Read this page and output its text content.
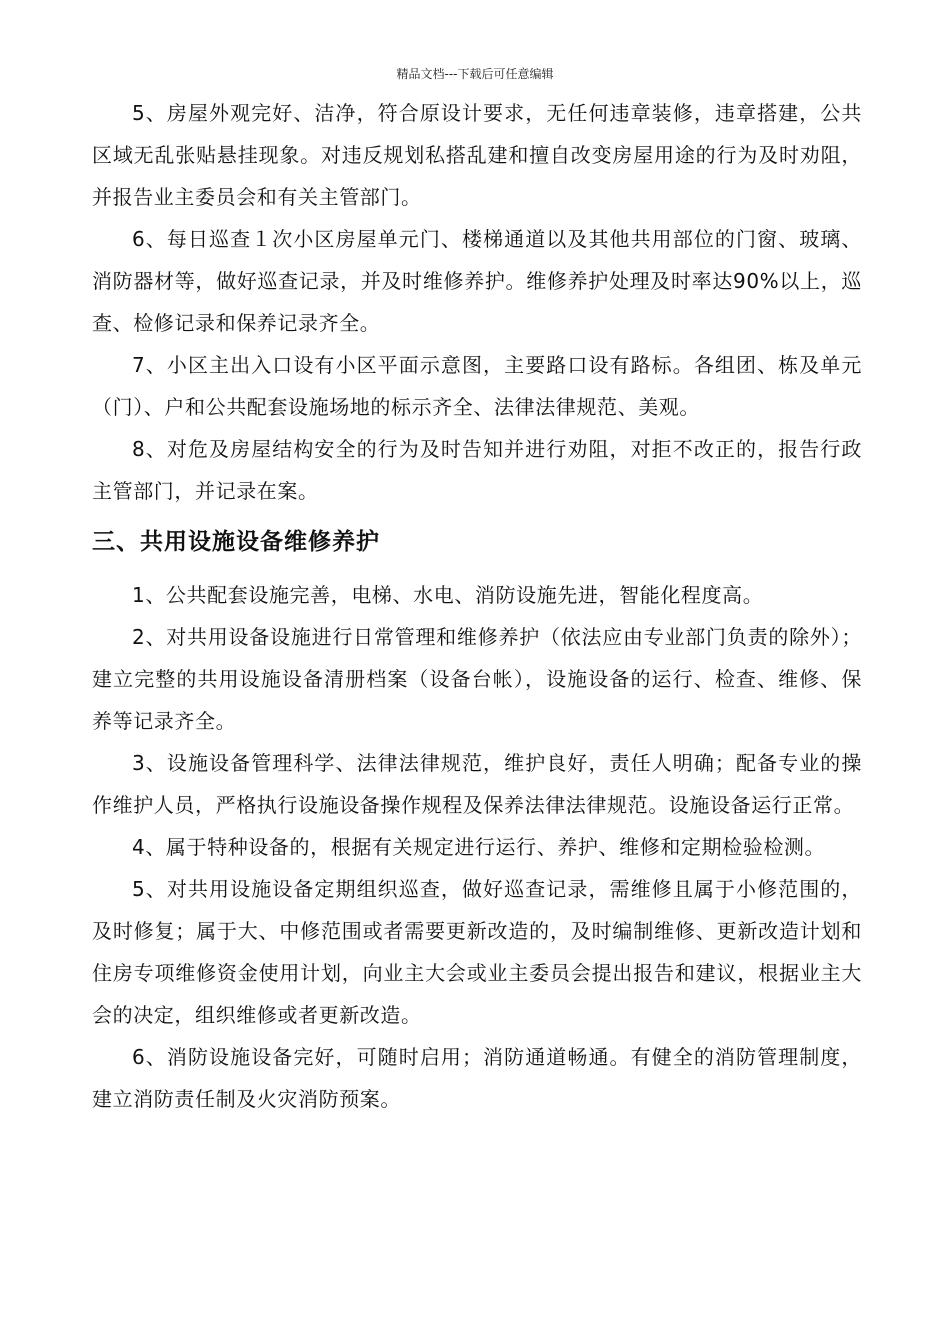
精品文档---下载后可任意编辑

5、房屋外观完好、洁净，符合原设计要求，无任何违章装修，违章搭建，公共区域无乱张贴悬挂现象。对违反规划私搭乱建和擅自改变房屋用途的行为及时劝阻，并报告业主委员会和有关主管部门。

6、每日巡查１次小区房屋单元门、楼梯通道以及其他共用部位的门窗、玻璃、消防器材等，做好巡查记录，并及时维修养护。维修养护处理及时率达90%以上，巡查、检修记录和保养记录齐全。

7、小区主出入口设有小区平面示意图，主要路口设有路标。各组团、栋及单元（门）、户和公共配套设施场地的标示齐全、法律法律规范、美观。

8、对危及房屋结构安全的行为及时告知并进行劝阻，对拒不改正的，报告行政主管部门，并记录在案。

三、共用设施设备维修养护

1、公共配套设施完善，电梯、水电、消防设施先进，智能化程度高。

2、对共用设备设施进行日常管理和维修养护（依法应由专业部门负责的除外）；建立完整的共用设施设备清册档案（设备台帐），设施设备的运行、检查、维修、保养等记录齐全。

3、设施设备管理科学、法律法律规范，维护良好，责任人明确；配备专业的操作维护人员，严格执行设施设备操作规程及保养法律法律规范。设施设备运行正常。

4、属于特种设备的，根据有关规定进行运行、养护、维修和定期检验检测。

5、对共用设施设备定期组织巡查，做好巡查记录，需维修且属于小修范围的，及时修复；属于大、中修范围或者需要更新改造的，及时编制维修、更新改造计划和住房专项维修资金使用计划，向业主大会或业主委员会提出报告和建议，根据业主大会的决定，组织维修或者更新改造。

6、消防设施设备完好，可随时启用；消防通道畅通。有健全的消防管理制度，建立消防责任制及火灾消防预案。
